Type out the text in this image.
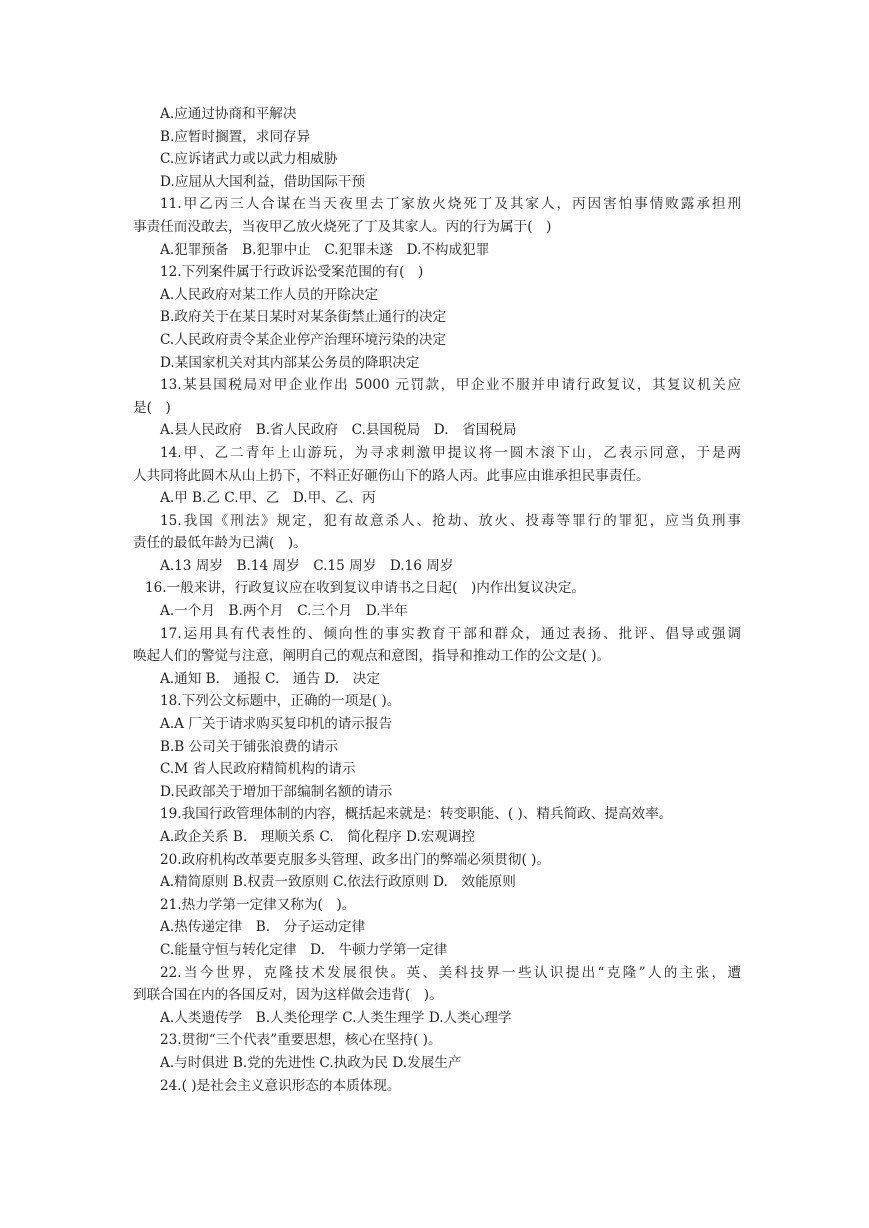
A.应通过协商和平解决
B.应暂时搁置，求同存异
C.应诉诸武力或以武力相威胁
D.应屈从大国利益，借助国际干预
11.甲乙丙三人合谋在当天夜里去丁家放火烧死丁及其家人，丙因害怕事情败露承担刑
事责任而没敢去，当夜甲乙放火烧死了丁及其家人。丙的行为属于(　)
A.犯罪预备　B.犯罪中止　C.犯罪未遂　D.不构成犯罪
12.下列案件属于行政诉讼受案范围的有(　)
A.人民政府对某工作人员的开除决定
B.政府关于在某日某时对某条街禁止通行的决定
C.人民政府责令某企业停产治理环境污染的决定
D.某国家机关对其内部某公务员的降职决定
13.某县国税局对甲企业作出 5000 元罚款，甲企业不服并申请行政复议，其复议机关应
是(　)
A.县人民政府　B.省人民政府　C.县国税局　D.　省国税局
14.甲、乙二青年上山游玩，为寻求刺激甲提议将一圆木滚下山，乙表示同意，于是两
人共同将此圆木从山上扔下，不料正好砸伤山下的路人丙。此事应由谁承担民事责任。
A.甲 B.乙 C.甲、乙　D.甲、乙、丙
15.我国《刑法》规定，犯有故意杀人、抢劫、放火、投毒等罪行的罪犯，应当负刑事
责任的最低年龄为已满(　)。
A.13 周岁　B.14 周岁　C.15 周岁　D.16 周岁
16.一般来讲，行政复议应在收到复议申请书之日起(　)内作出复议决定。
A.一个月　B.两个月　C.三个月　D.半年
17.运用具有代表性的、倾向性的事实教育干部和群众，通过表扬、批评、倡导或强调
唤起人们的警觉与注意，阐明自己的观点和意图，指导和推动工作的公文是( )。
A.通知 B.　通报 C.　通告 D.　决定
18.下列公文标题中，正确的一项是( )。
A.A 厂关于请求购买复印机的请示报告
B.B 公司关于铺张浪费的请示
C.M 省人民政府精简机构的请示
D.民政部关于增加干部编制名额的请示
19.我国行政管理体制的内容，概括起来就是：转变职能、( )、精兵简政、提高效率。
A.政企关系 B.　理顺关系 C.　简化程序 D.宏观调控
20.政府机构改革要克服多头管理、政多出门的弊端必须贯彻( )。
A.精简原则 B.权责一致原则 C.依法行政原则 D.　效能原则
21.热力学第一定律又称为(　)。
A.热传递定律　B.　分子运动定律
C.能量守恒与转化定律　D.　牛顿力学第一定律
22.当今世界，克隆技术发展很快。英、美科技界一些认识提出“克隆”人的主张，遭
到联合国在内的各国反对，因为这样做会违背(　)。
A.人类遗传学　B.人类伦理学 C.人类生理学 D.人类心理学
23.贯彻“三个代表”重要思想，核心在坚持( )。
A.与时俱进 B.党的先进性 C.执政为民 D.发展生产
24.( )是社会主义意识形态的本质体现。
